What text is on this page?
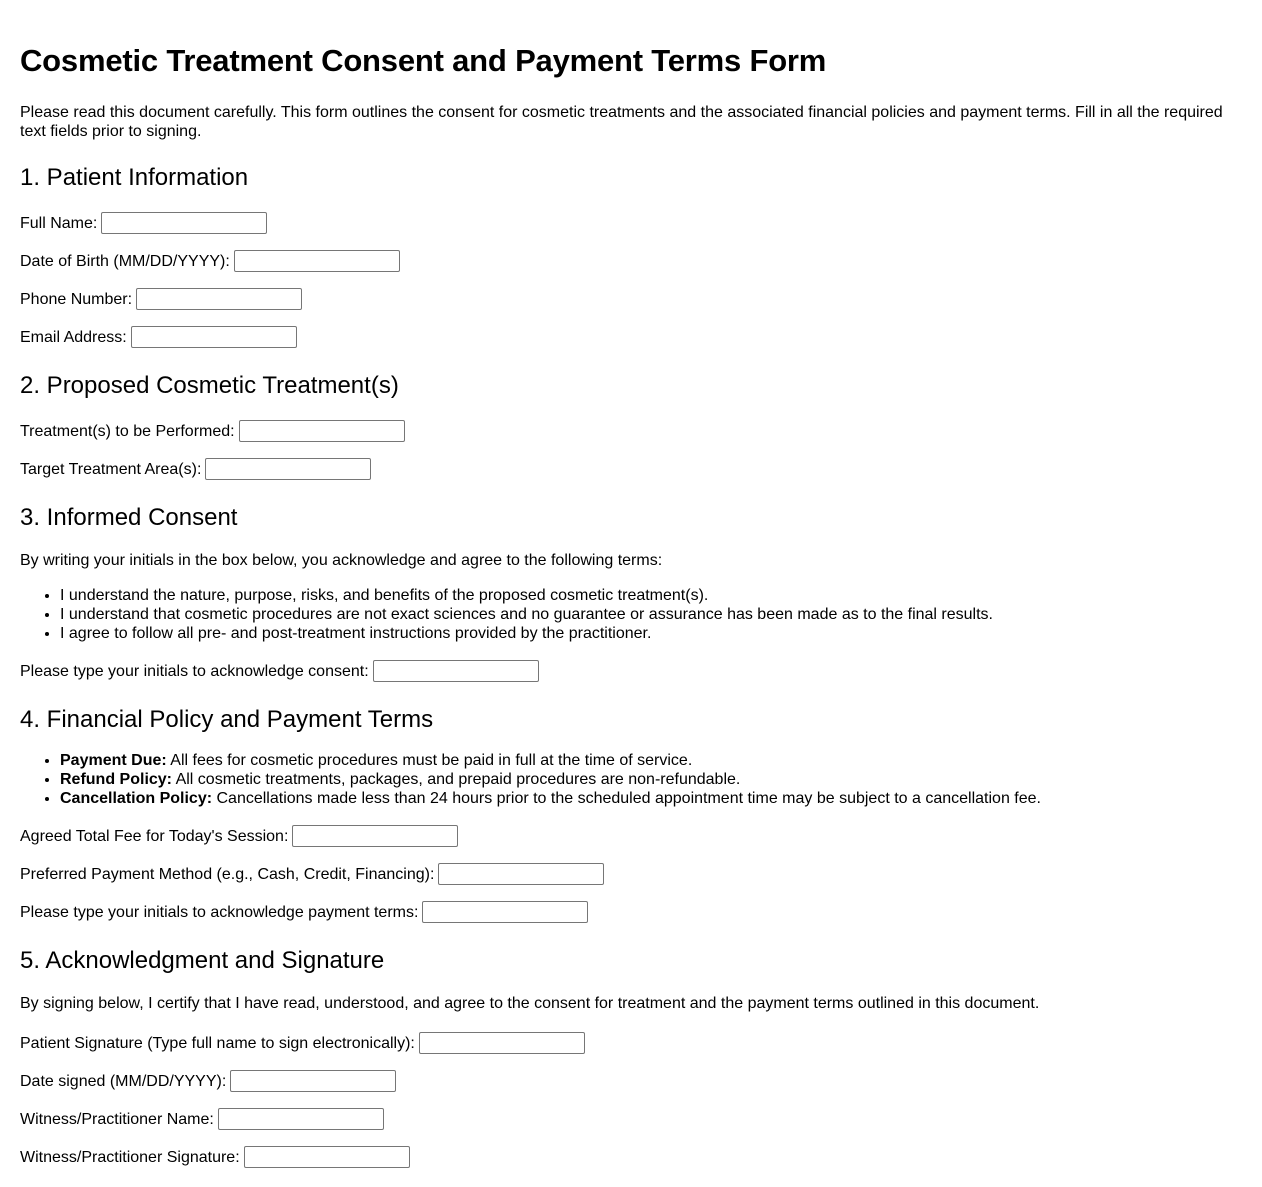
Cosmetic Treatment Consent and Payment Terms Form

Please read this document carefully. This form outlines the consent for cosmetic treatments and the associated financial policies and payment terms. Fill in all the required text fields prior to signing.

1. Patient Information
Full Name:
Date of Birth (MM/DD/YYYY):
Phone Number:
Email Address:
2. Proposed Cosmetic Treatment(s)
Treatment(s) to be Performed:
Target Treatment Area(s):
3. Informed Consent

By writing your initials in the box below, you acknowledge and agree to the following terms:

• I understand the nature, purpose, risks, and benefits of the proposed cosmetic treatment(s).
• I understand that cosmetic procedures are not exact sciences and no guarantee or assurance has been made as to the final results.
• I agree to follow all pre- and post-treatment instructions provided by the practitioner.
Please type your initials to acknowledge consent:
4. Financial Policy and Payment Terms
• Payment Due: All fees for cosmetic procedures must be paid in full at the time of service.
• Refund Policy: All cosmetic treatments, packages, and prepaid procedures are non-refundable.
• Cancellation Policy: Cancellations made less than 24 hours prior to the scheduled appointment time may be subject to a cancellation fee.
Agreed Total Fee for Today's Session:
Preferred Payment Method (e.g., Cash, Credit, Financing):
Please type your initials to acknowledge payment terms:
5. Acknowledgment and Signature

By signing below, I certify that I have read, understood, and agree to the consent for treatment and the payment terms outlined in this document.

Patient Signature (Type full name to sign electronically):
Date signed (MM/DD/YYYY):
Witness/Practitioner Name:
Witness/Practitioner Signature:
